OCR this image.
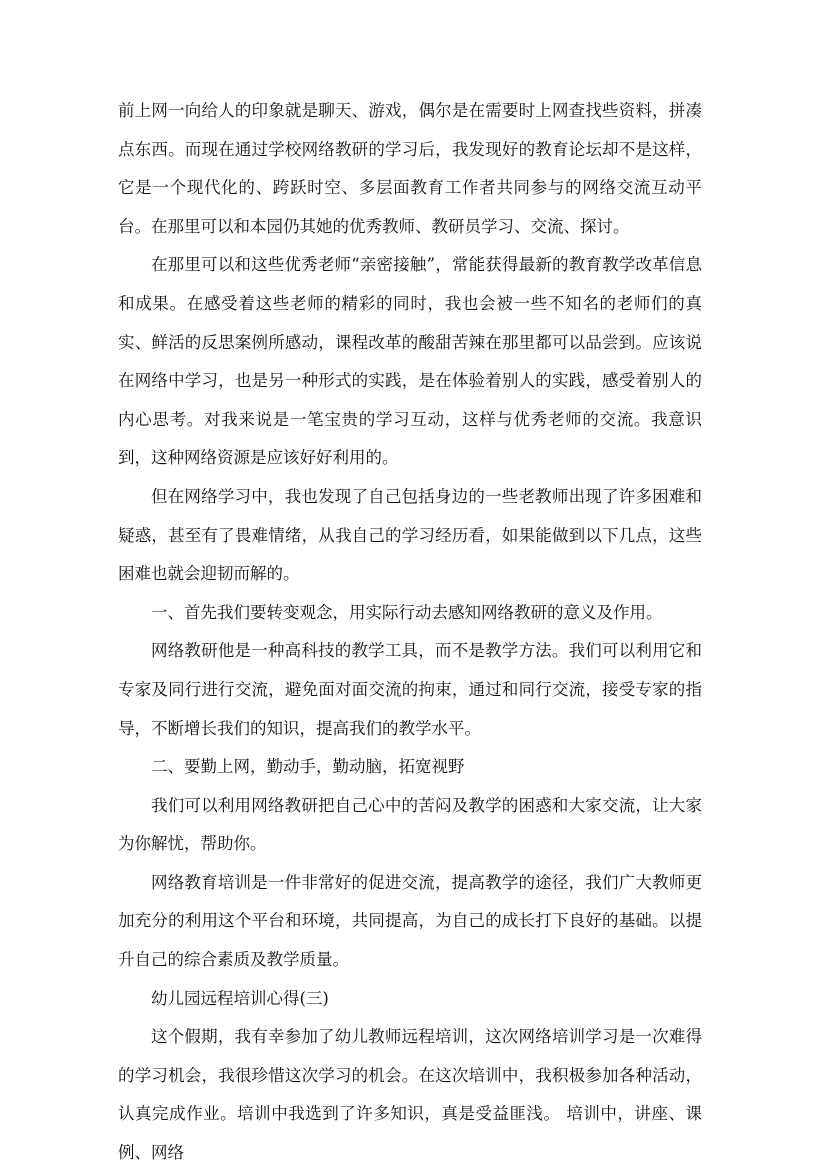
前上网一向给人的印象就是聊天、游戏，偶尔是在需要时上网查找些资料，拼凑点东西。而现在通过学校网络教研的学习后，我发现好的教育论坛却不是这样，它是一个现代化的、跨跃时空、多层面教育工作者共同参与的网络交流互动平台。在那里可以和本园仍其她的优秀教师、教研员学习、交流、探讨。

在那里可以和这些优秀老师“亲密接触”，常能获得最新的教育教学改革信息和成果。在感受着这些老师的精彩的同时，我也会被一些不知名的老师们的真实、鲜活的反思案例所感动，课程改革的酸甜苦辣在那里都可以品尝到。应该说在网络中学习，也是另一种形式的实践，是在体验着别人的实践，感受着别人的内心思考。对我来说是一笔宝贵的学习互动，这样与优秀老师的交流。我意识到，这种网络资源是应该好好利用的。

但在网络学习中，我也发现了自己包括身边的一些老教师出现了许多困难和疑惑，甚至有了畏难情绪，从我自己的学习经历看，如果能做到以下几点，这些困难也就会迎韧而解的。

一、首先我们要转变观念，用实际行动去感知网络教研的意义及作用。

网络教研他是一种高科技的教学工具，而不是教学方法。我们可以利用它和专家及同行进行交流，避免面对面交流的拘束，通过和同行交流，接受专家的指导，不断增长我们的知识，提高我们的教学水平。

二、要勤上网，勤动手，勤动脑，拓宽视野

我们可以利用网络教研把自己心中的苦闷及教学的困惑和大家交流，让大家为你解忧，帮助你。

网络教育培训是一件非常好的促进交流，提高教学的途径，我们广大教师更加充分的利用这个平台和环境，共同提高，为自己的成长打下良好的基础。以提升自己的综合素质及教学质量。

幼儿园远程培训心得(三)

这个假期，我有幸参加了幼儿教师远程培训，这次网络培训学习是一次难得的学习机会，我很珍惜这次学习的机会。在这次培训中，我积极参加各种活动，认真完成作业。培训中我选到了许多知识，真是受益匪浅。 培训中，讲座、课例、网络
